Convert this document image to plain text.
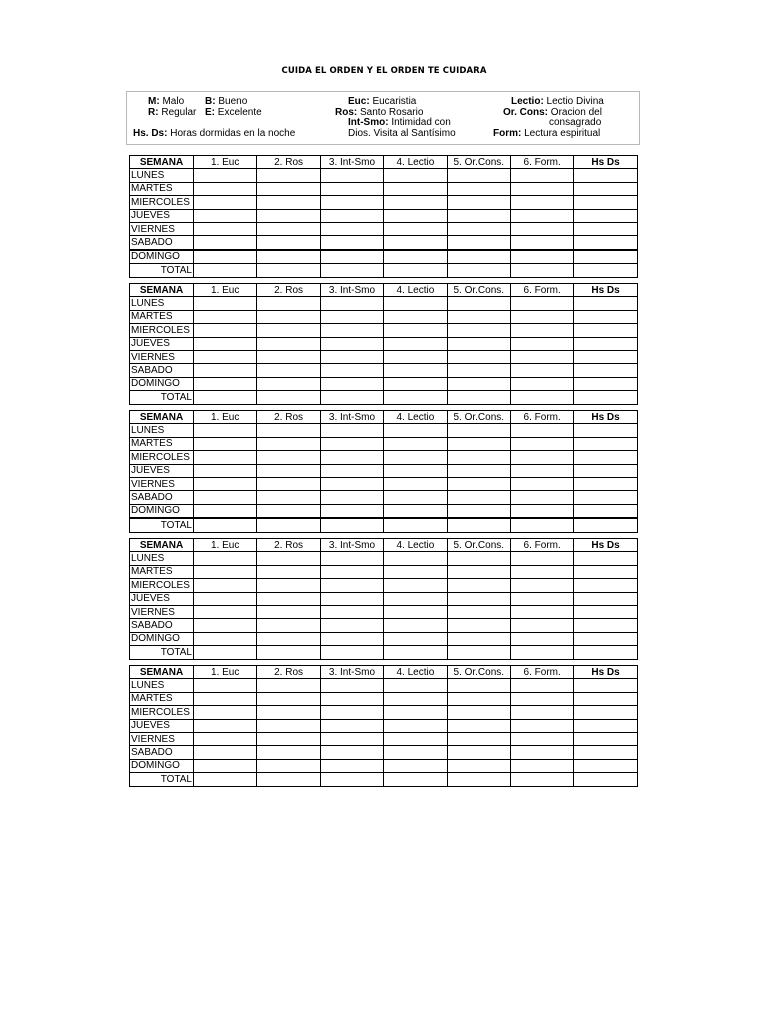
CUIDA EL ORDEN Y EL ORDEN TE CUIDARA
M: Malo B: Bueno
R: Regular E: Excelente
Hs. Ds: Horas dormidas en la noche
Euc: Eucaristia
Ros: Santo Rosario
Int-Smo: Intimidad con
Dios. Visita al Santísimo
Lectio: Lectio Divina
Or. Cons: Oracion del
consagrado
Form: Lectura espiritual
SEMANA	1. Euc	2. Ros	3. Int-Smo	4. Lectio	5. Or.Cons.	6. Form.	Hs Ds
LUNES							
MARTES							
MIERCOLES							
JUEVES							
VIERNES							
SABADO							
DOMINGO							
TOTAL							
SEMANA	1. Euc	2. Ros	3. Int-Smo	4. Lectio	5. Or.Cons.	6. Form.	Hs Ds
LUNES							
MARTES							
MIERCOLES							
JUEVES							
VIERNES							
SABADO							
DOMINGO							
TOTAL							
SEMANA	1. Euc	2. Ros	3. Int-Smo	4. Lectio	5. Or.Cons.	6. Form.	Hs Ds
LUNES							
MARTES							
MIERCOLES							
JUEVES							
VIERNES							
SABADO							
DOMINGO							
TOTAL							
SEMANA	1. Euc	2. Ros	3. Int-Smo	4. Lectio	5. Or.Cons.	6. Form.	Hs Ds
LUNES							
MARTES							
MIERCOLES							
JUEVES							
VIERNES							
SABADO							
DOMINGO							
TOTAL							
SEMANA	1. Euc	2. Ros	3. Int-Smo	4. Lectio	5. Or.Cons.	6. Form.	Hs Ds
LUNES							
MARTES							
MIERCOLES							
JUEVES							
VIERNES							
SABADO							
DOMINGO							
TOTAL							
